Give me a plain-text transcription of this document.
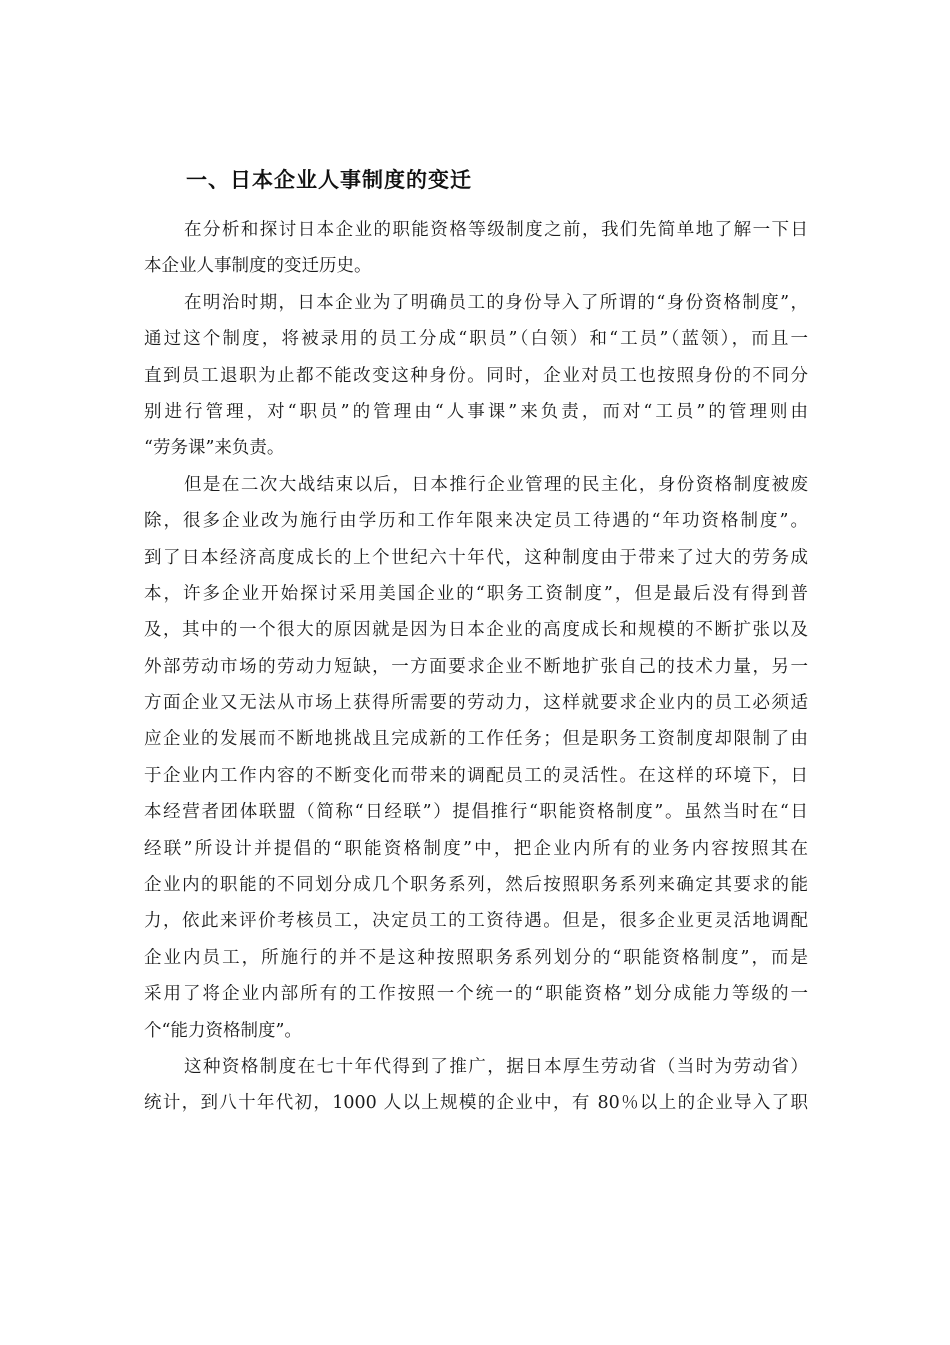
一、日本企业人事制度的变迁
在分析和探讨日本企业的职能资格等级制度之前，我们先简单地了解一下日
本企业人事制度的变迁历史。
在明治时期，日本企业为了明确员工的身份导入了所谓的“身份资格制度”，
通过这个制度，将被录用的员工分成“职员”（白领）和“工员”（蓝领），而且一
直到员工退职为止都不能改变这种身份。同时，企业对员工也按照身份的不同分
别进行管理，对“职员”的管理由“人事课”来负责，而对“工员”的管理则由
“劳务课”来负责。
但是在二次大战结束以后，日本推行企业管理的民主化，身份资格制度被废
除，很多企业改为施行由学历和工作年限来决定员工待遇的“年功资格制度”。
到了日本经济高度成长的上个世纪六十年代，这种制度由于带来了过大的劳务成
本，许多企业开始探讨采用美国企业的“职务工资制度”，但是最后没有得到普
及，其中的一个很大的原因就是因为日本企业的高度成长和规模的不断扩张以及
外部劳动市场的劳动力短缺，一方面要求企业不断地扩张自己的技术力量，另一
方面企业又无法从市场上获得所需要的劳动力，这样就要求企业内的员工必须适
应企业的发展而不断地挑战且完成新的工作任务；但是职务工资制度却限制了由
于企业内工作内容的不断变化而带来的调配员工的灵活性。在这样的环境下，日
本经营者团体联盟（简称“日经联”）提倡推行“职能资格制度”。虽然当时在“日
经联”所设计并提倡的“职能资格制度”中，把企业内所有的业务内容按照其在
企业内的职能的不同划分成几个职务系列，然后按照职务系列来确定其要求的能
力，依此来评价考核员工，决定员工的工资待遇。但是，很多企业更灵活地调配
企业内员工，所施行的并不是这种按照职务系列划分的“职能资格制度”，而是
采用了将企业内部所有的工作按照一个统一的“职能资格”划分成能力等级的一
个“能力资格制度”。
这种资格制度在七十年代得到了推广，据日本厚生劳动省（当时为劳动省）
统计，到八十年代初，1000 人以上规模的企业中，有 80％以上的企业导入了职
